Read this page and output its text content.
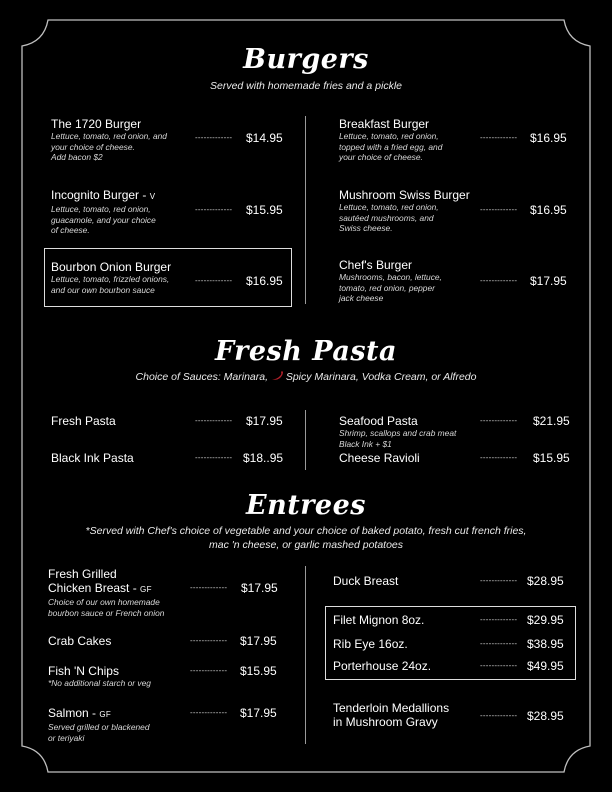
Burgers
Served with homemade fries and a pickle
The 1720 Burger
Lettuce, tomato, red onion, and
your choice of cheese.
Add bacon $2
------------- $14.95
Incognito Burger - V
Lettuce, tomato, red onion,
guacamole, and your choice
of cheese.
------------- $15.95
Bourbon Onion Burger
Lettuce, tomato, frizzled onions,
and our own bourbon sauce
------------- $16.95
Breakfast Burger
Lettuce, tomato, red onion,
topped with a fried egg, and
your choice of cheese.
------------- $16.95
Mushroom Swiss Burger
Lettuce, tomato, red onion,
sautéed mushrooms, and
Swiss cheese.
------------- $16.95
Chef's Burger
Mushrooms, bacon, lettuce,
tomato, red onion, pepper
jack cheese
------------- $17.95
Fresh Pasta
Choice of Sauces: Marinara, Spicy Marinara, Vodka Cream, or Alfredo
Fresh Pasta	------------- $17.95
Black Ink Pasta	------------- $18..95
Seafood Pasta
Shrimp, scallops and crab meat
Black Ink + $1
------------- $21.95
Cheese Ravioli	------------- $15.95
Entrees
*Served with Chef's choice of vegetable and your choice of baked potato, fresh cut french fries,
mac 'n cheese, or garlic mashed potatoes
Fresh Grilled
Chicken Breast - GF
Choice of our own homemade
bourbon sauce or French onion
------------- $17.95
Crab Cakes	------------- $17.95
Fish 'N Chips
*No additional starch or veg
------------- $15.95
Salmon - GF
Served grilled or blackened
or teriyaki
------------- $17.95
Duck Breast	------------- $28.95
Filet Mignon 8oz.	------------- $29.95
Rib Eye 16oz.	------------- $38.95
Porterhouse 24oz.	------------- $49.95
Tenderloin Medallions
in Mushroom Gravy	------------- $28.95
